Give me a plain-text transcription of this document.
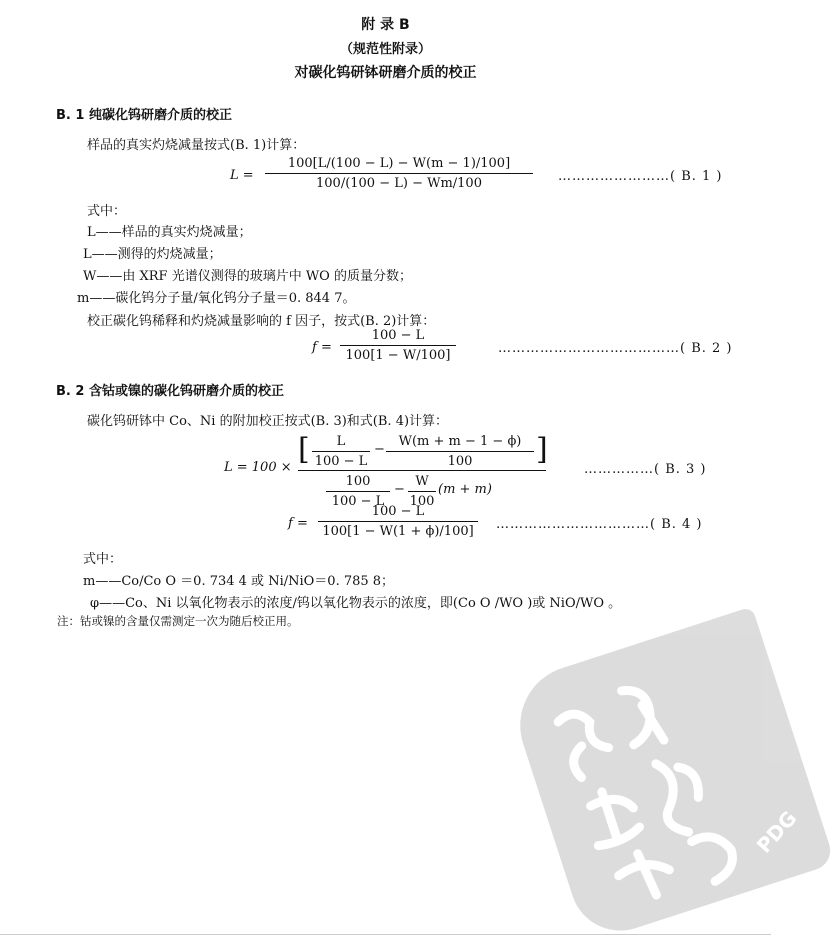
附 录 B
（规范性附录）
对碳化钨研钵研磨介质的校正
B. 1 纯碳化钨研磨介质的校正
样品的真实灼烧减量按式(B. 1)计算：
$L = \frac{100[L/(100 - L) - W(m - 1)/100]}{100/(100 - L) - Wm/100}$ ……………………( B. 1 )
式中：
L——样品的真实灼烧减量；
L——测得的灼烧减量；
W——由 XRF 光谱仪测得的玻璃片中 WO 的质量分数；
m——碳化钨分子量/氧化钨分子量＝0. 844 7。
校正碳化钨稀释和灼烧减量影响的 f 因子，按式(B. 2)计算：
$f = \frac{100 - L}{100[1 - W/100]}$	…………………………………( B. 2 )
B. 2 含钴或镍的碳化钨研磨介质的校正
碳化钨研钵中 Co、Ni 的附加校正按式(B. 3)和式(B. 4)计算：
L = 100 ×
[ $\frac{L}{100 - L} - \frac{W(m + m - 1 - \phi)}{100}$ ]
$\frac{100}{100 - L} - \frac{W}{100} (m + m)$
……………( B. 3 )
$f = \frac{100 - L}{100[1 - W(1 + \phi)/100]}$ ……………………………( B. 4 )
式中：
m——Co/Co O ＝0. 734 4 或 Ni/NiO＝0. 785 8；
φ——Co、Ni 以氧化物表示的浓度/钨以氧化物表示的浓度，即(Co O /WO )或 NiO/WO 。
注：钴或镍的含量仅需测定一次为随后校正用。
PDG
